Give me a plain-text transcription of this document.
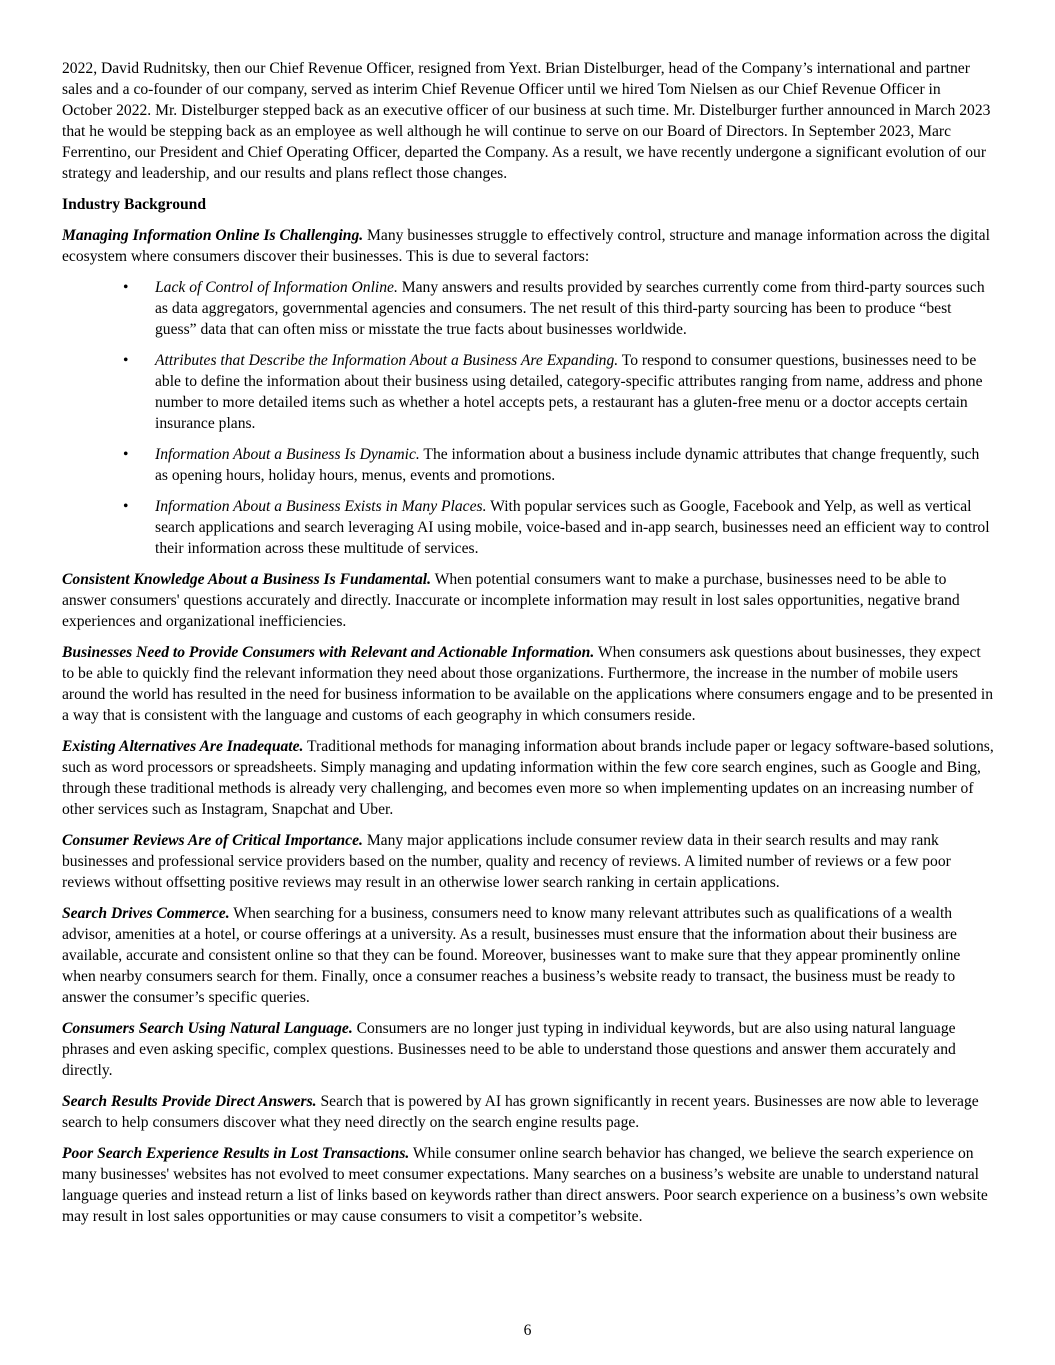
2022, David Rudnitsky, then our Chief Revenue Officer, resigned from Yext. Brian Distelburger, head of the Company’s international and partner sales and a co-founder of our company, served as interim Chief Revenue Officer until we hired Tom Nielsen as our Chief Revenue Officer in October 2022. Mr. Distelburger stepped back as an executive officer of our business at such time. Mr. Distelburger further announced in March 2023 that he would be stepping back as an employee as well although he will continue to serve on our Board of Directors. In September 2023, Marc Ferrentino, our President and Chief Operating Officer, departed the Company. As a result, we have recently undergone a significant evolution of our strategy and leadership, and our results and plans reflect those changes.

Industry Background

Managing Information Online Is Challenging. Many businesses struggle to effectively control, structure and manage information across the digital ecosystem where consumers discover their businesses. This is due to several factors:

• Lack of Control of Information Online. Many answers and results provided by searches currently come from third-party sources such as data aggregators, governmental agencies and consumers. The net result of this third-party sourcing has been to produce “best guess” data that can often miss or misstate the true facts about businesses worldwide.
• Attributes that Describe the Information About a Business Are Expanding. To respond to consumer questions, businesses need to be able to define the information about their business using detailed, category-specific attributes ranging from name, address and phone number to more detailed items such as whether a hotel accepts pets, a restaurant has a gluten-free menu or a doctor accepts certain insurance plans.
• Information About a Business Is Dynamic. The information about a business include dynamic attributes that change frequently, such as opening hours, holiday hours, menus, events and promotions.
• Information About a Business Exists in Many Places. With popular services such as Google, Facebook and Yelp, as well as vertical search applications and search leveraging AI using mobile, voice-based and in-app search, businesses need an efficient way to control their information across these multitude of services.

Consistent Knowledge About a Business Is Fundamental. When potential consumers want to make a purchase, businesses need to be able to answer consumers' questions accurately and directly. Inaccurate or incomplete information may result in lost sales opportunities, negative brand experiences and organizational inefficiencies.

Businesses Need to Provide Consumers with Relevant and Actionable Information. When consumers ask questions about businesses, they expect to be able to quickly find the relevant information they need about those organizations. Furthermore, the increase in the number of mobile users around the world has resulted in the need for business information to be available on the applications where consumers engage and to be presented in a way that is consistent with the language and customs of each geography in which consumers reside.

Existing Alternatives Are Inadequate. Traditional methods for managing information about brands include paper or legacy software-based solutions, such as word processors or spreadsheets. Simply managing and updating information within the few core search engines, such as Google and Bing, through these traditional methods is already very challenging, and becomes even more so when implementing updates on an increasing number of other services such as Instagram, Snapchat and Uber.

Consumer Reviews Are of Critical Importance. Many major applications include consumer review data in their search results and may rank businesses and professional service providers based on the number, quality and recency of reviews. A limited number of reviews or a few poor reviews without offsetting positive reviews may result in an otherwise lower search ranking in certain applications.

Search Drives Commerce. When searching for a business, consumers need to know many relevant attributes such as qualifications of a wealth advisor, amenities at a hotel, or course offerings at a university. As a result, businesses must ensure that the information about their business are available, accurate and consistent online so that they can be found. Moreover, businesses want to make sure that they appear prominently online when nearby consumers search for them. Finally, once a consumer reaches a business’s website ready to transact, the business must be ready to answer the consumer’s specific queries.

Consumers Search Using Natural Language. Consumers are no longer just typing in individual keywords, but are also using natural language phrases and even asking specific, complex questions. Businesses need to be able to understand those questions and answer them accurately and directly.

Search Results Provide Direct Answers. Search that is powered by AI has grown significantly in recent years. Businesses are now able to leverage search to help consumers discover what they need directly on the search engine results page.

Poor Search Experience Results in Lost Transactions. While consumer online search behavior has changed, we believe the search experience on many businesses' websites has not evolved to meet consumer expectations. Many searches on a business’s website are unable to understand natural language queries and instead return a list of links based on keywords rather than direct answers. Poor search experience on a business’s own website may result in lost sales opportunities or may cause consumers to visit a competitor’s website.

6
